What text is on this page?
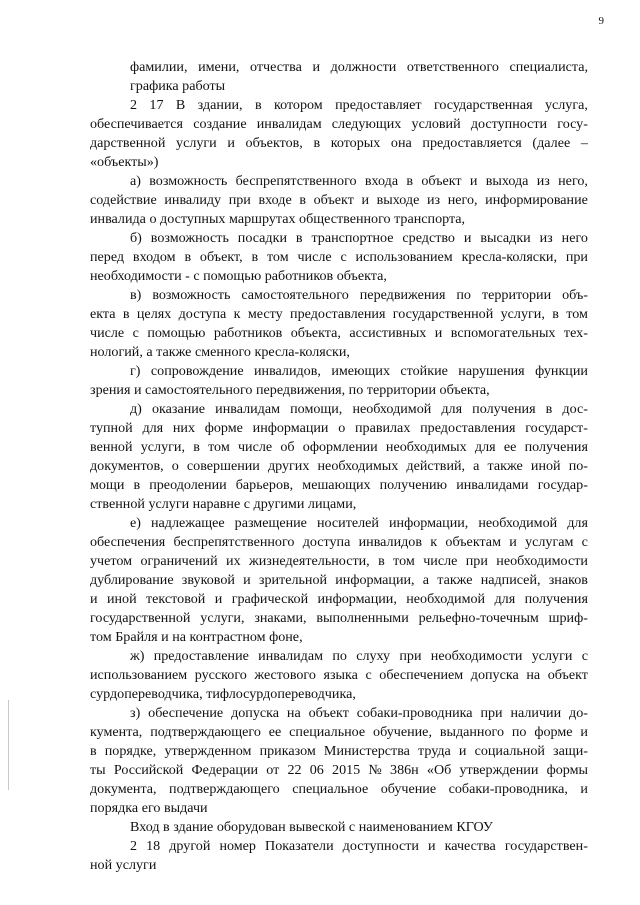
9
фамилии, имени, отчества и должности ответственного специалиста,
графика работы
2 17 В здании, в котором предоставляет государственная услуга,
обеспечивается создание инвалидам следующих условий доступности госу-
дарственной услуги и объектов, в которых она предоставляется (далее –
«объекты»)
а) возможность беспрепятственного входа в объект и выхода из него,
содействие инвалиду при входе в объект и выходе из него, информирование
инвалида о доступных маршрутах общественного транспорта,
б) возможность посадки в транспортное средство и высадки из него
перед входом в объект, в том числе с использованием кресла-коляски, при
необходимости - с помощью работников объекта,
в) возможность самостоятельного передвижения по территории объ-
екта в целях доступа к месту предоставления государственной услуги, в том
числе с помощью работников объекта, ассистивных и вспомогательных тех-
нологий, а также сменного кресла-коляски,
г) сопровождение инвалидов, имеющих стойкие нарушения функции
зрения и самостоятельного передвижения, по территории объекта,
д) оказание инвалидам помощи, необходимой для получения в дос-
тупной для них форме информации о правилах предоставления государст-
венной услуги, в том числе об оформлении необходимых для ее получения
документов, о совершении других необходимых действий, а также иной по-
мощи в преодолении барьеров, мешающих получению инвалидами государ-
ственной услуги наравне с другими лицами,
е) надлежащее размещение носителей информации, необходимой для
обеспечения беспрепятственного доступа инвалидов к объектам и услугам с
учетом ограничений их жизнедеятельности, в том числе при необходимости
дублирование звуковой и зрительной информации, а также надписей, знаков
и иной текстовой и графической информации, необходимой для получения
государственной услуги, знаками, выполненными рельефно-точечным шриф-
том Брайля и на контрастном фоне,
ж) предоставление инвалидам по слуху при необходимости услуги с
использованием русского жестового языка с обеспечением допуска на объект
сурдопереводчика, тифлосурдопереводчика,
з) обеспечение допуска на объект собаки-проводника при наличии до-
кумента, подтверждающего ее специальное обучение, выданного по форме и
в порядке, утвержденном приказом Министерства труда и социальной защи-
ты Российской Федерации от 22 06 2015 № 386н «Об утверждении формы
документа, подтверждающего специальное обучение собаки-проводника, и
порядка его выдачи
Вход в здание оборудован вывеской с наименованием КГОУ
2 18 другой номер Показатели доступности и качества государствен-
ной услуги
